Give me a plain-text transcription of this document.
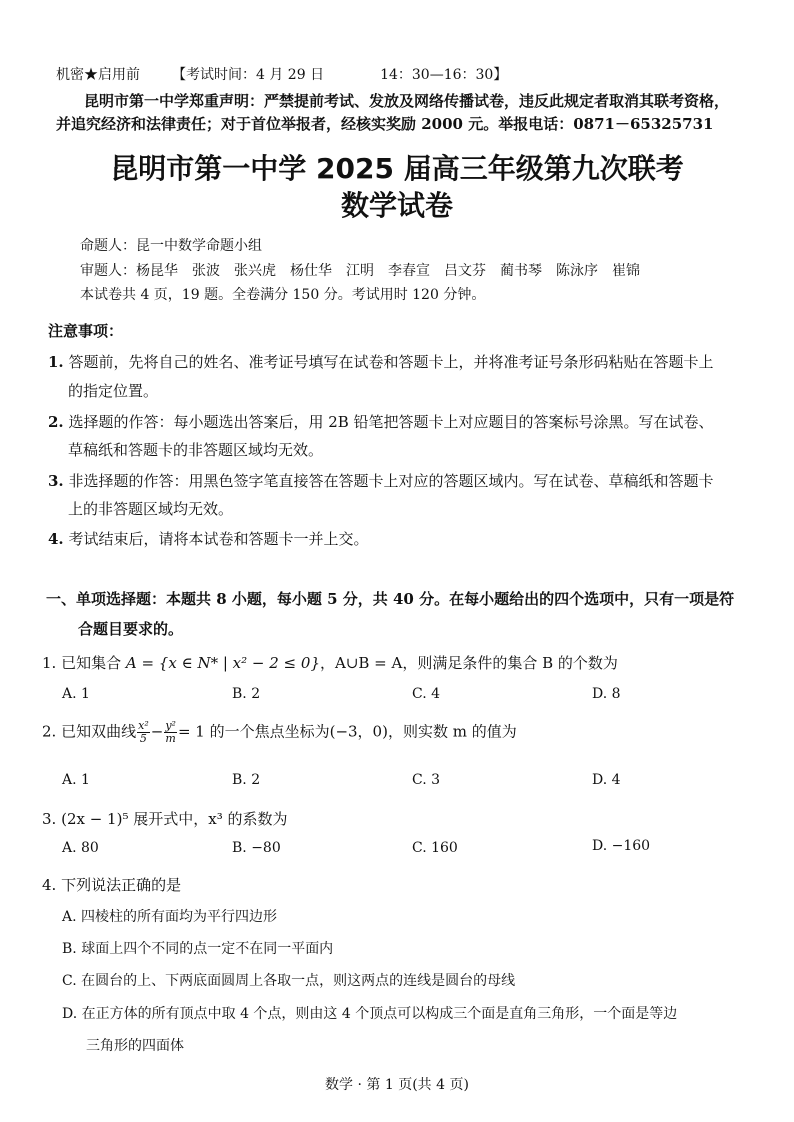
机密★启用前 【考试时间：4 月 29 日　　　　14：30—16：30】
昆明市第一中学郑重声明：严禁提前考试、发放及网络传播试卷，违反此规定者取消其联考资格，
并追究经济和法律责任；对于首位举报者，经核实奖励 2000 元。举报电话：0871－65325731
昆明市第一中学 2025 届高三年级第九次联考
数学试卷
命题人：昆一中数学命题小组
审题人：杨昆华 张波 张兴虎 杨仕华 江明 李春宣 吕文芬 蔺书琴 陈泳序 崔锦
本试卷共 4 页，19 题。全卷满分 150 分。考试用时 120 分钟。
注意事项：
1. 答题前，先将自己的姓名、准考证号填写在试卷和答题卡上，并将准考证号条形码粘贴在答题卡上
的指定位置。
2. 选择题的作答：每小题选出答案后，用 2B 铅笔把答题卡上对应题目的答案标号涂黑。写在试卷、
草稿纸和答题卡的非答题区域均无效。
3. 非选择题的作答：用黑色签字笔直接答在答题卡上对应的答题区域内。写在试卷、草稿纸和答题卡
上的非答题区域均无效。
4. 考试结束后，请将本试卷和答题卡一并上交。
一、单项选择题：本题共 8 小题，每小题 5 分，共 40 分。在每小题给出的四个选项中，只有一项是符
合题目要求的。
1. 已知集合 A = {x ∈ N* | x² − 2 ≤ 0}，A∪B = A，则满足条件的集合 B 的个数为
A. 1	B. 2	C. 4	D. 8
2. 已知双曲线 $\frac{\text{x²}}{5} - \frac{\text{y²}}{m} = 1$ 的一个焦点坐标为(−3，0)，则实数 m 的值为
A. 1	B. 2	C. 3	D. 4
3. (2x − 1)⁵ 展开式中，x³ 的系数为
A. 80	B. −80	C. 160	D. −160
4. 下列说法正确的是
A. 四棱柱的所有面均为平行四边形
B. 球面上四个不同的点一定不在同一平面内
C. 在圆台的上、下两底面圆周上各取一点，则这两点的连线是圆台的母线
D. 在正方体的所有顶点中取 4 个点，则由这 4 个顶点可以构成三个面是直角三角形，一个面是等边
三角形的四面体
数学 · 第 1 页(共 4 页)
